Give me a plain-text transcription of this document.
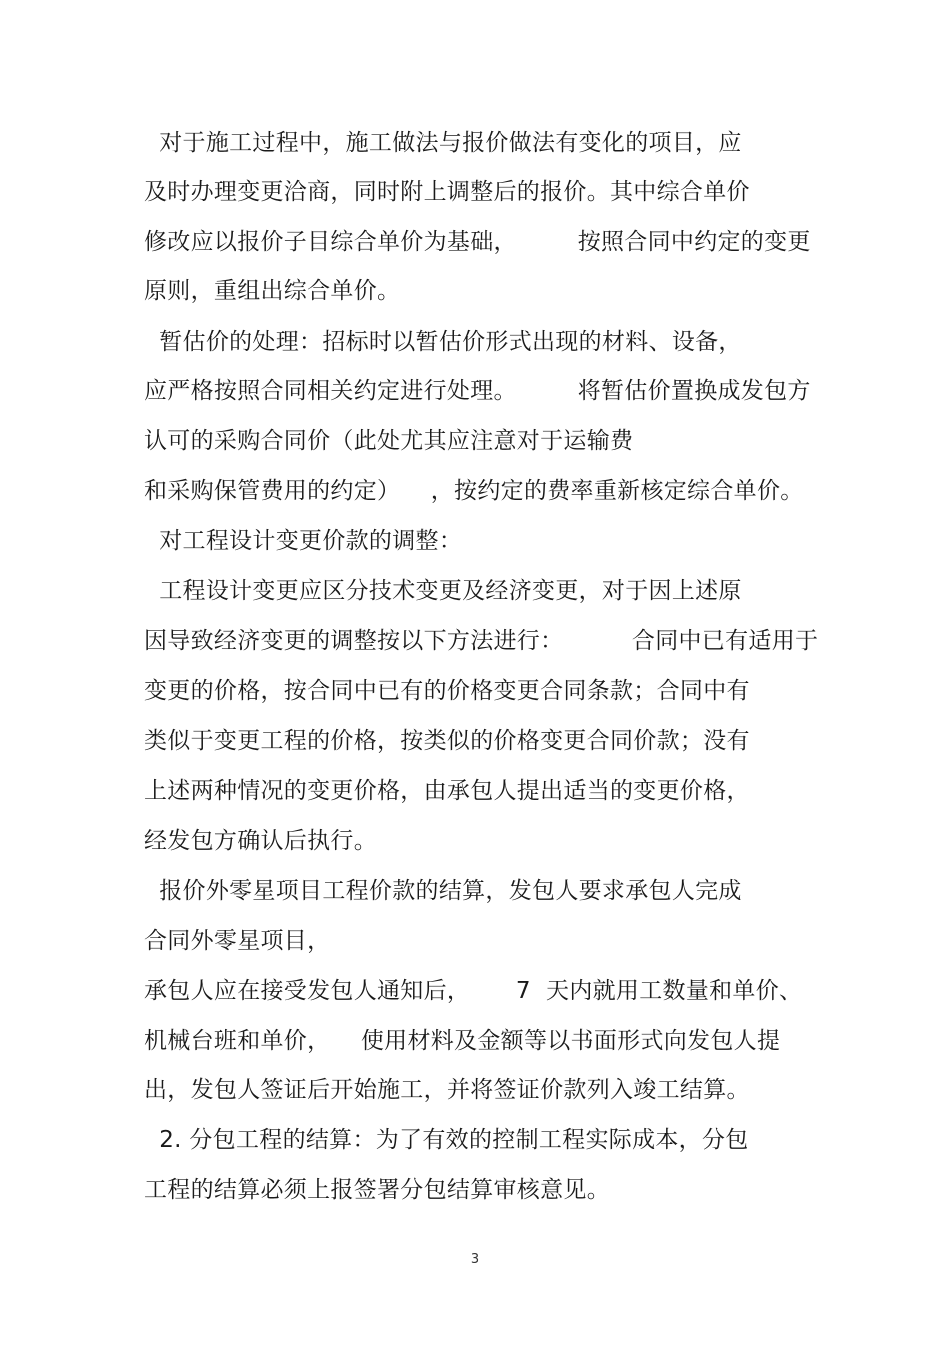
对于施工过程中，施工做法与报价做法有变化的项目，应
及时办理变更洽商，同时附上调整后的报价。其中综合单价
修改应以报价子目综合单价为基础，        按照合同中约定的变更
原则，重组出综合单价。
暂估价的处理：招标时以暂估价形式出现的材料、设备，
应严格按照合同相关约定进行处理。        将暂估价置换成发包方
认可的采购合同价（此处尤其应注意对于运输费
和采购保管费用的约定）    ，按约定的费率重新核定综合单价。
对工程设计变更价款的调整：
工程设计变更应区分技术变更及经济变更，对于因上述原
因导致经济变更的调整按以下方法进行：         合同中已有适用于
变更的价格，按合同中已有的价格变更合同条款；合同中有
类似于变更工程的价格，按类似的价格变更合同价款；没有
上述两种情况的变更价格，由承包人提出适当的变更价格，
经发包方确认后执行。
报价外零星项目工程价款的结算，发包人要求承包人完成
合同外零星项目，
承包人应在接受发包人通知后，      7  天内就用工数量和单价、
机械台班和单价，    使用材料及金额等以书面形式向发包人提
出，发包人签证后开始施工，并将签证价款列入竣工结算。
2. 分包工程的结算：为了有效的控制工程实际成本，分包
工程的结算必须上报签署分包结算审核意见。
3
